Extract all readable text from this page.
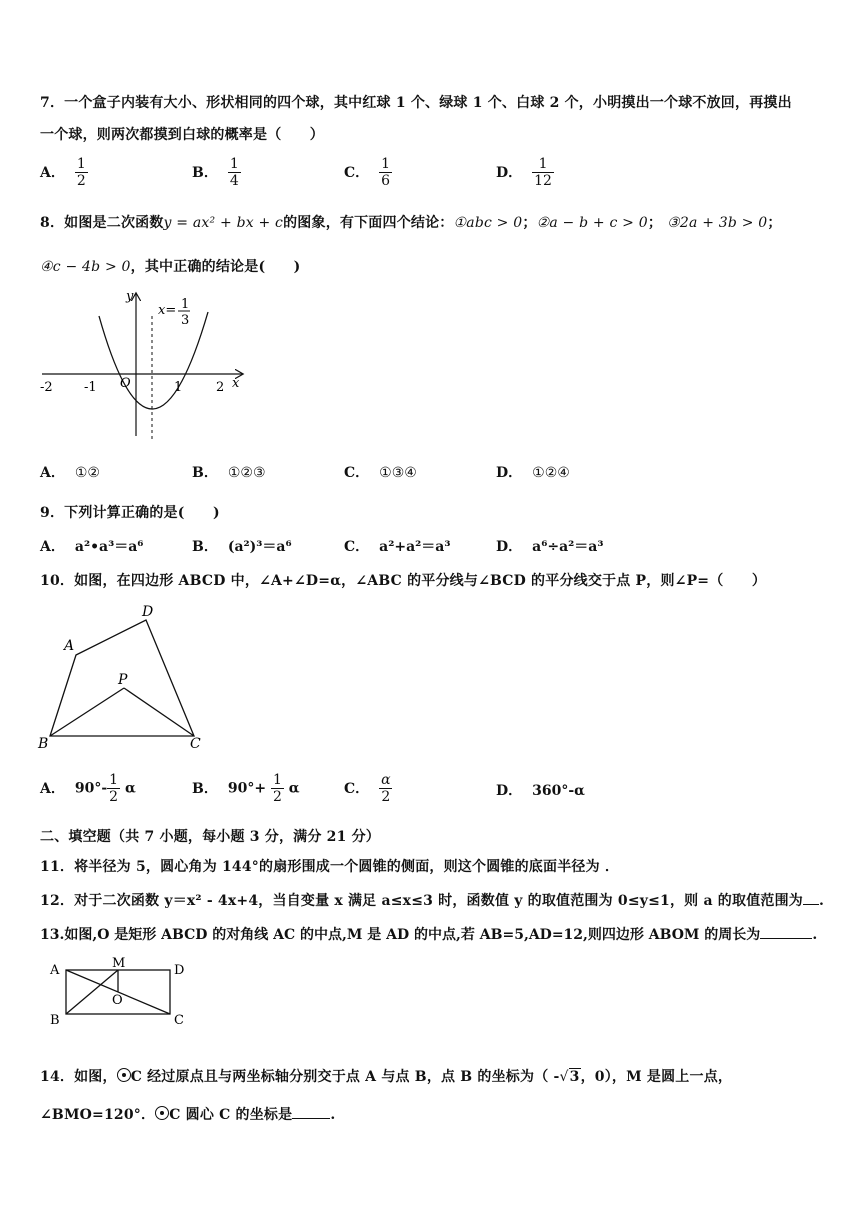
7．一个盒子内装有大小、形状相同的四个球，其中红球 1 个、绿球 1 个、白球 2 个，小明摸出一个球不放回，再摸出
一个球，则两次都摸到白球的概率是（　　）
A． $\frac{1}{2}$	B． $\frac{1}{4}$	C． $\frac{1}{6}$	D． $\frac{1}{12}$
8．如图是二次函数y = ax² + bx + c的图象，有下面四个结论：①abc > 0；②a − b + c > 0； ③2a + 3b > 0；
④c − 4b > 0，其中正确的结论是(　　)
y
x
O
-2 -1	1	2
x= 1
3
A． ①②	B． ①②③	C． ①③④	D． ①②④
9．下列计算正确的是(　　)
A． a²•a³＝a⁶	B． (a²)³＝a⁶	C． a²+a²＝a³	D． a⁶÷a²＝a³
10．如图，在四边形 ABCD 中，∠A+∠D=α，∠ABC 的平分线与∠BCD 的平分线交于点 P，则∠P=（　　）
A
D
P
B	C
A． $90^\circ- \frac{1}{2}$ α	B． $90^\circ+ \frac{1}{2}$ α	C． $\frac{\alpha}{2}$	D． 360°-α
二、填空题（共 7 小题，每小题 3 分，满分 21 分）
11．将半径为 5，圆心角为 144°的扇形围成一个圆锥的侧面，则这个圆锥的底面半径为 ．
12．对于二次函数 y＝x² - 4x+4，当自变量 x 满足 a≤x≤3 时，函数值 y 的取值范围为 0≤y≤1，则 a 的取值范围为 .
13.如图,O 是矩形 ABCD 的对角线 AC 的中点,M 是 AD 的中点,若 AB=5,AD=12,则四边形 ABOM 的周长为	.
A	M	D
O
B	C
14．如图， C 经过原点且与两坐标轴分别交于点 A 与点 B，点 B 的坐标为（ -√3，0），M 是圆上一点，
∠BMO=120°． C 圆心 C 的坐标是	.
